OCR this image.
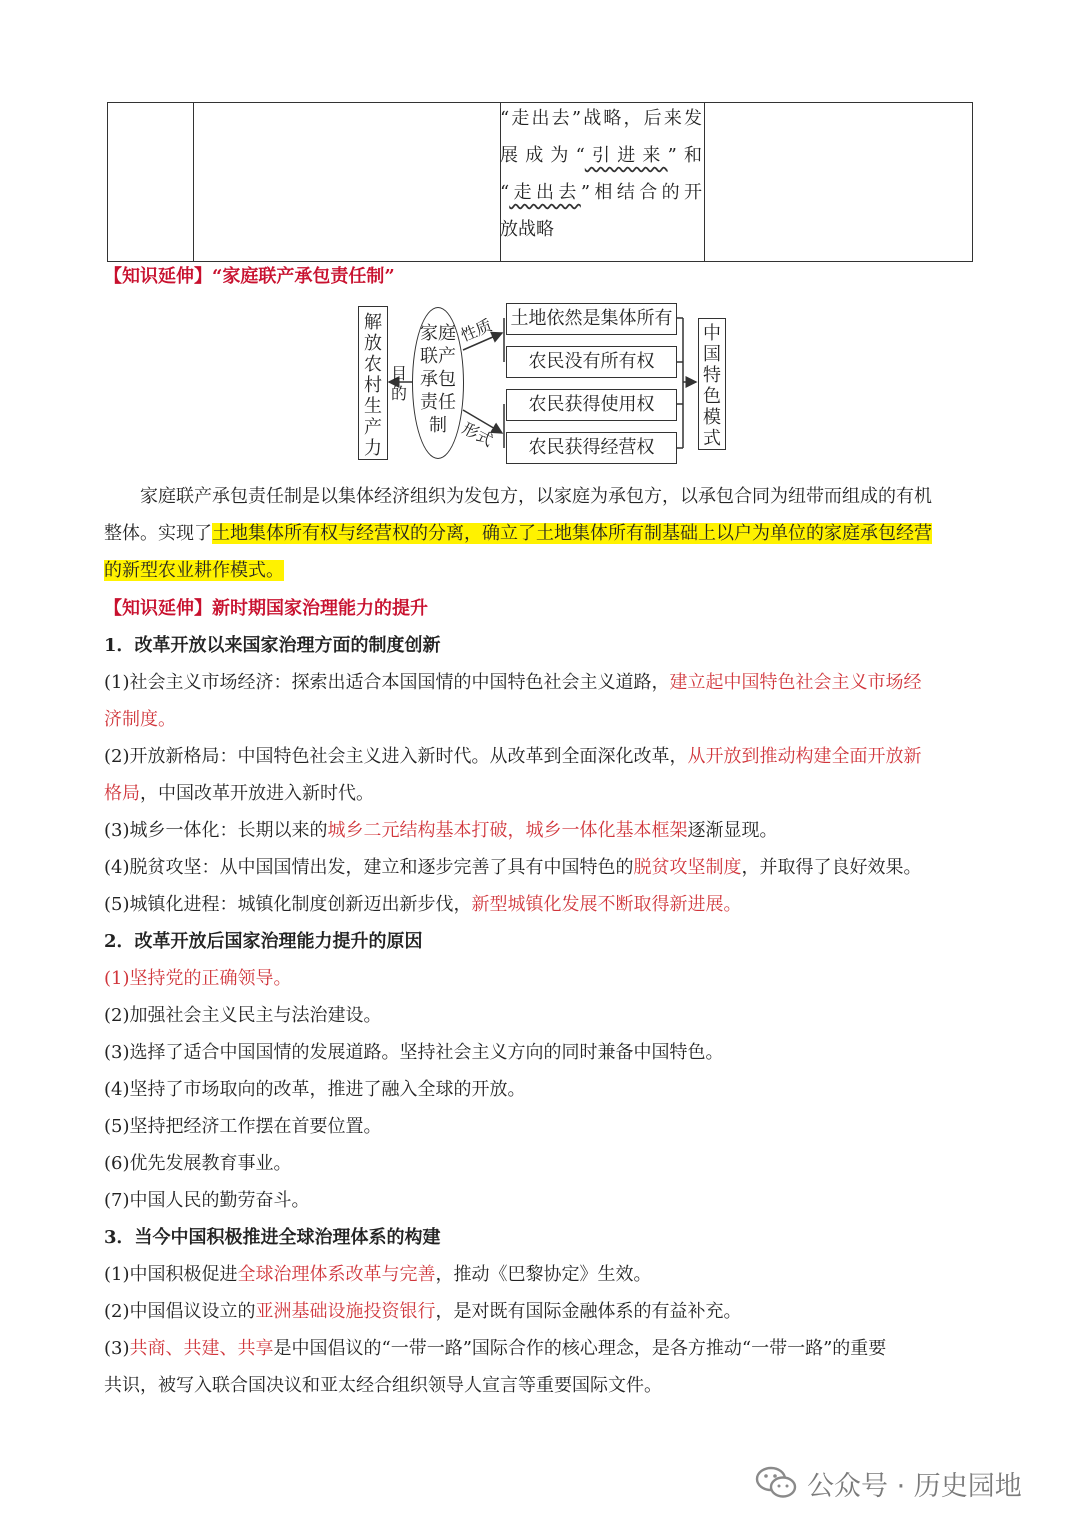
“走出去”战略，后来发
展成为“引进来”和
“走出去”相结合的开
放战略
【知识延伸】“家庭联产承包责任制”
解放农村生产力
目的
家庭联产承包责任制
性质
形式
土地依然是集体所有
农民没有所有权
农民获得使用权
农民获得经营权
中国特色模式
家庭联产承包责任制是以集体经济组织为发包方，以家庭为承包方，以承包合同为纽带而组成的有机
整体。实现了土地集体所有权与经营权的分离，确立了土地集体所有制基础上以户为单位的家庭承包经营
的新型农业耕作模式。
【知识延伸】新时期国家治理能力的提升
1．改革开放以来国家治理方面的制度创新
(1)社会主义市场经济：探索出适合本国国情的中国特色社会主义道路，建立起中国特色社会主义市场经
济制度。
(2)开放新格局：中国特色社会主义进入新时代。从改革到全面深化改革，从开放到推动构建全面开放新
格局，中国改革开放进入新时代。
(3)城乡一体化：长期以来的城乡二元结构基本打破，城乡一体化基本框架逐渐显现。
(4)脱贫攻坚：从中国国情出发，建立和逐步完善了具有中国特色的脱贫攻坚制度，并取得了良好效果。
(5)城镇化进程：城镇化制度创新迈出新步伐，新型城镇化发展不断取得新进展。
2．改革开放后国家治理能力提升的原因
(1)坚持党的正确领导。
(2)加强社会主义民主与法治建设。
(3)选择了适合中国国情的发展道路。坚持社会主义方向的同时兼备中国特色。
(4)坚持了市场取向的改革，推进了融入全球的开放。
(5)坚持把经济工作摆在首要位置。
(6)优先发展教育事业。
(7)中国人民的勤劳奋斗。
3．当今中国积极推进全球治理体系的构建
(1)中国积极促进全球治理体系改革与完善，推动《巴黎协定》生效。
(2)中国倡议设立的亚洲基础设施投资银行，是对既有国际金融体系的有益补充。
(3)共商、共建、共享是中国倡议的“一带一路”国际合作的核心理念，是各方推动“一带一路”的重要
共识，被写入联合国决议和亚太经合组织领导人宣言等重要国际文件。
公众号 · 历史园地
